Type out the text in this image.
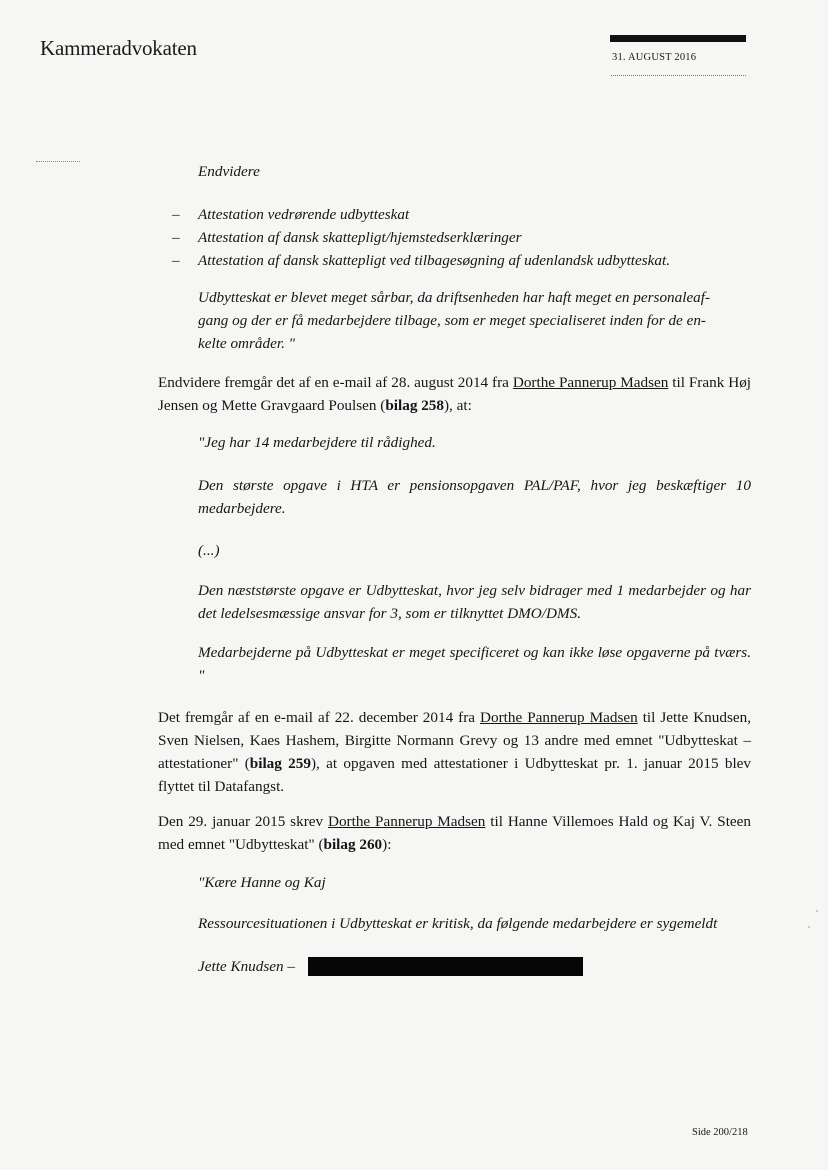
Kammeradvokaten	31. AUGUST 2016
Endvidere
–	Attestation vedrørende udbytteskat
–	Attestation af dansk skattepligt/hjemstedserklæringer
–	Attestation af dansk skattepligt ved tilbagesøgning af udenlandsk udbytteskat.
Udbytteskat er blevet meget sårbar, da driftsenheden har haft meget en personaleaf-
gang og der er få medarbejdere tilbage, som er meget specialiseret inden for de en-
kelte områder. "
Endvidere fremgår det af en e-mail af 28. august 2014 fra Dorthe Pannerup Madsen til Frank Høj Jensen og Mette Gravgaard Poulsen (bilag 258), at:
"Jeg har 14 medarbejdere til rådighed.
Den største opgave i HTA er pensionsopgaven PAL/PAF, hvor jeg beskæftiger 10 medarbejdere.
(...)
Den næststørste opgave er Udbytteskat, hvor jeg selv bidrager med 1 medarbejder og har det ledelsesmæssige ansvar for 3, som er tilknyttet DMO/DMS.
Medarbejderne på Udbytteskat er meget specificeret og kan ikke løse opgaverne på tværs. "
Det fremgår af en e-mail af 22. december 2014 fra Dorthe Pannerup Madsen til Jette Knudsen, Sven Nielsen, Kaes Hashem, Birgitte Normann Grevy og 13 andre med emnet "Udbytteskat – attestationer" (bilag 259), at opgaven med attestationer i Udbytteskat pr. 1. januar 2015 blev flyttet til Datafangst.
Den 29. januar 2015 skrev Dorthe Pannerup Madsen til Hanne Villemoes Hald og Kaj V. Steen med emnet "Udbytteskat" (bilag 260):
"Kære Hanne og Kaj
Ressourcesituationen i Udbytteskat er kritisk, da følgende medarbejdere er sygemeldt
Jette Knudsen –
Side 200/218
